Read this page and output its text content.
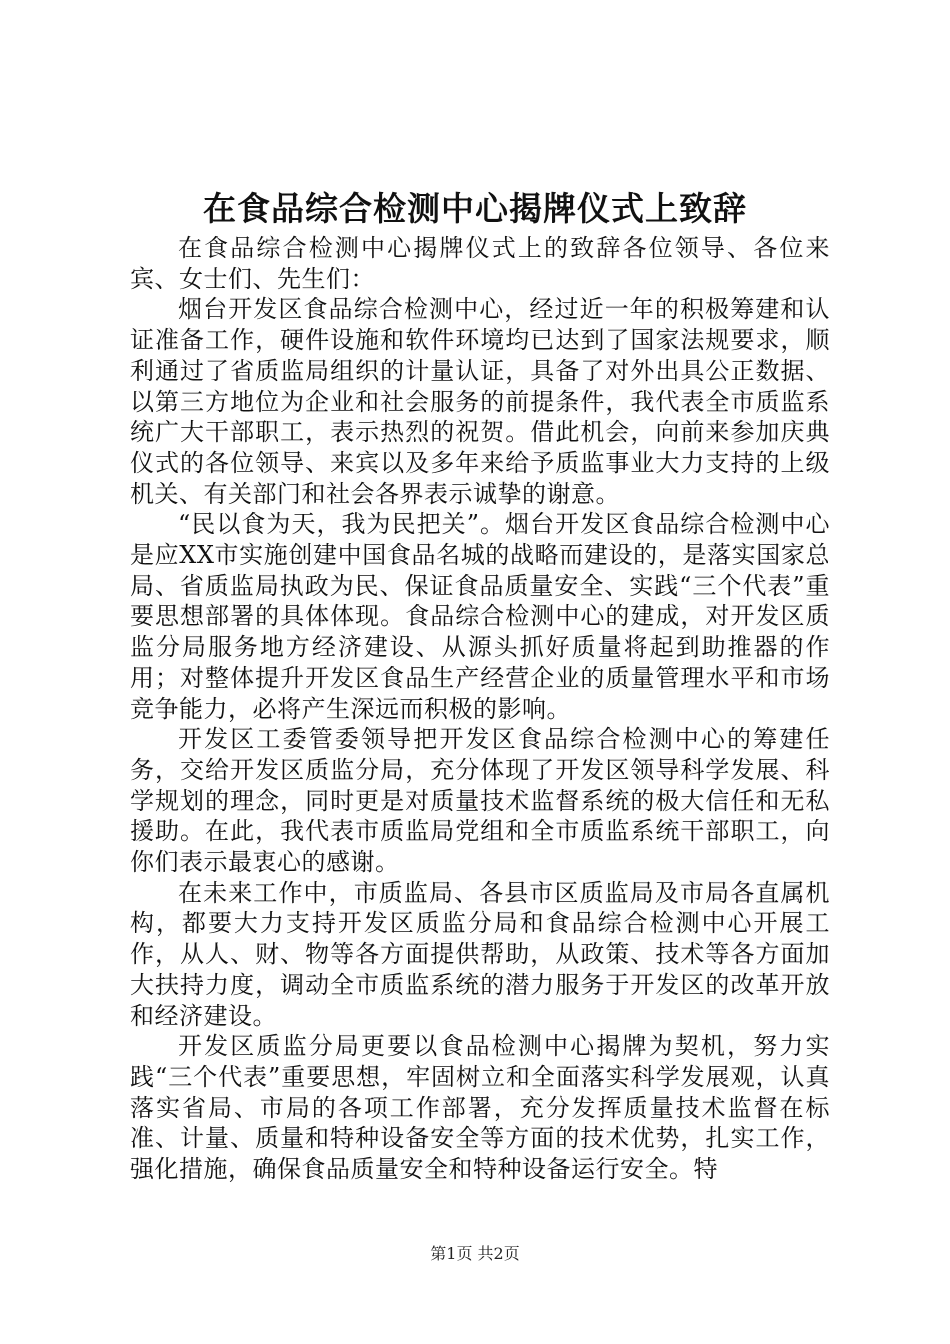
在食品综合检测中心揭牌仪式上致辞

在食品综合检测中心揭牌仪式上的致辞各位领导、各位来宾、女士们、先生们：

烟台开发区食品综合检测中心，经过近一年的积极筹建和认证准备工作，硬件设施和软件环境均已达到了国家法规要求，顺利通过了省质监局组织的计量认证，具备了对外出具公正数据、以第三方地位为企业和社会服务的前提条件，我代表全市质监系统广大干部职工，表示热烈的祝贺。借此机会，向前来参加庆典仪式的各位领导、来宾以及多年来给予质监事业大力支持的上级机关、有关部门和社会各界表示诚挚的谢意。

“民以食为天，我为民把关”。烟台开发区食品综合检测中心是应XX市实施创建中国食品名城的战略而建设的，是落实国家总局、省质监局执政为民、保证食品质量安全、实践“三个代表”重要思想部署的具体体现。食品综合检测中心的建成，对开发区质监分局服务地方经济建设、从源头抓好质量将起到助推器的作用；对整体提升开发区食品生产经营企业的质量管理水平和市场竞争能力，必将产生深远而积极的影响。

开发区工委管委领导把开发区食品综合检测中心的筹建任务，交给开发区质监分局，充分体现了开发区领导科学发展、科学规划的理念，同时更是对质量技术监督系统的极大信任和无私援助。在此，我代表市质监局党组和全市质监系统干部职工，向你们表示最衷心的感谢。

在未来工作中，市质监局、各县市区质监局及市局各直属机构，都要大力支持开发区质监分局和食品综合检测中心开展工作，从人、财、物等各方面提供帮助，从政策、技术等各方面加大扶持力度，调动全市质监系统的潜力服务于开发区的改革开放和经济建设。

开发区质监分局更要以食品检测中心揭牌为契机，努力实践“三个代表”重要思想，牢固树立和全面落实科学发展观，认真落实省局、市局的各项工作部署，充分发挥质量技术监督在标准、计量、质量和特种设备安全等方面的技术优势，扎实工作，强化措施，确保食品质量安全和特种设备运行安全。特

第1页 共2页
